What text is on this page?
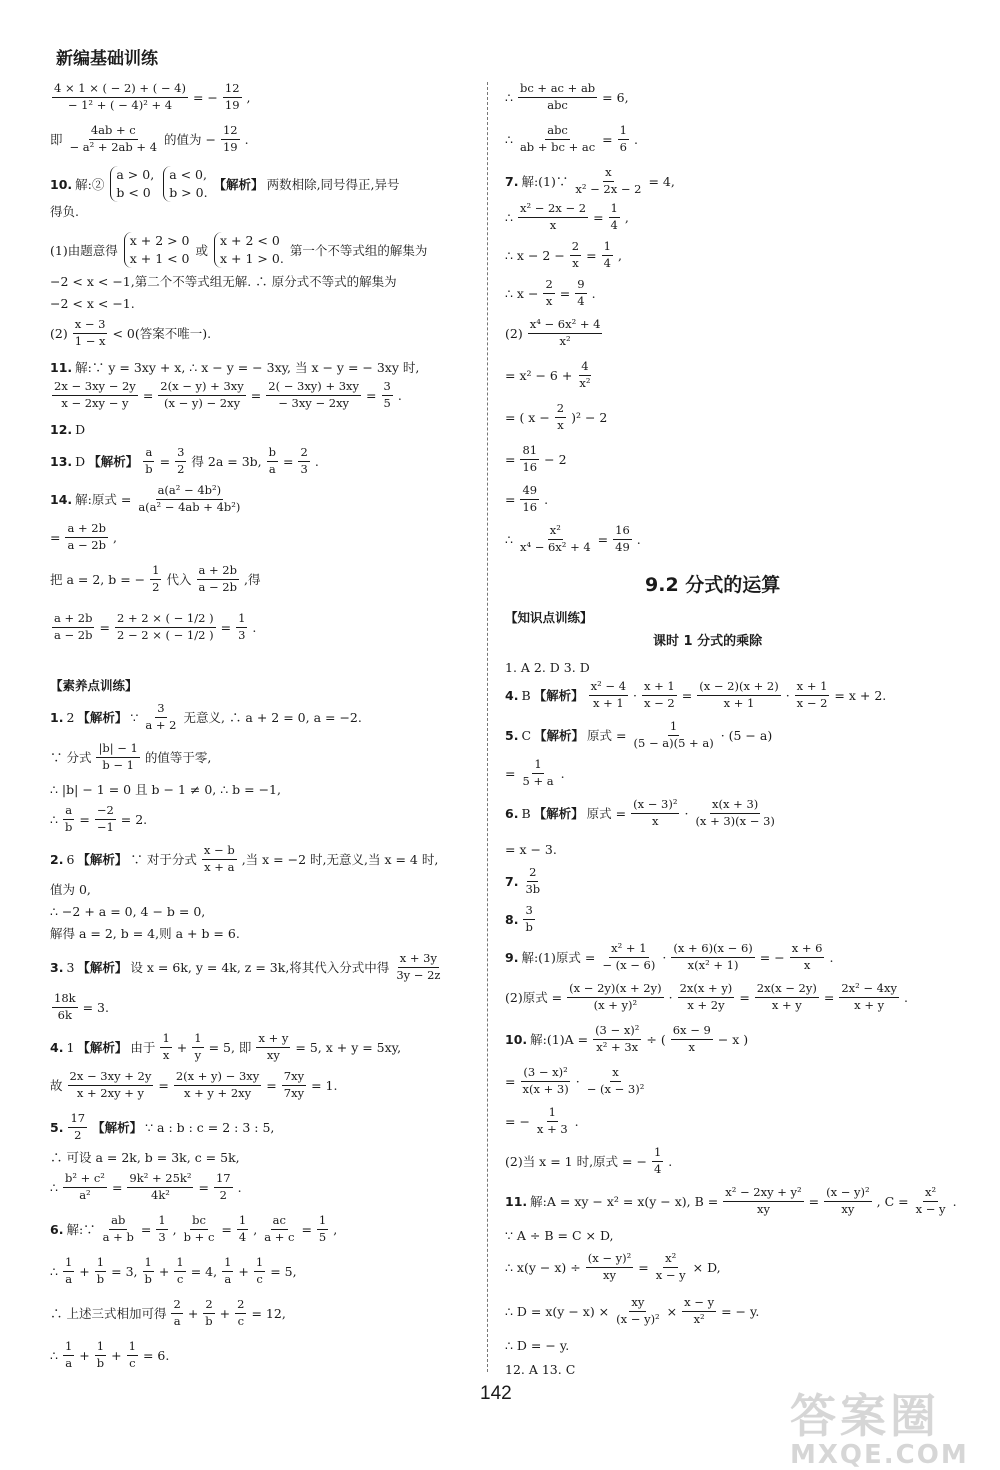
新编基础训练
$\frac{4 \times 1 \times ( - 2) + ( - 4)}{\text{− 1² + ( − 4)² + 4}}$ = − $\frac{12}{19}$ ,
即 $\frac{4ab + c}{\text{− a² + 2ab + 4}}$ 的值为 − $\frac{12}{19}$ .
10. 解:②
a > 0,
b < 0
a < 0,
b > 0.
【解析】 两数相除,同号得正,异号
得负.
(1)由题意得
x + 2 > 0
x + 1 < 0
或
x + 2 < 0
x + 1 > 0.
第一个不等式组的解集为
−2 < x < −1,第二个不等式组无解. ∴ 原分式不等式的解集为
−2 < x < −1.
$(2) \frac{x - 3}{1 - x} < 0$(答案不唯一).
11. 解:∵ y = 3xy + x, ∴ x − y = − 3xy, 当 x − y = − 3xy 时,
$\frac{2x - 3xy - 2y}{x - 2xy - y} = \frac{2(x - y) + 3xy}{(x - y) - 2xy} = \frac{2( - 3xy) + 3xy}{- 3xy - 2xy} = \frac{3}{5}$ .
12. D
13. D 【解析】 $\frac{a}{b} = \frac{3}{2}$ 得 2a = 3b, $\frac{b}{a} = \frac{2}{3}$ .
14. 解:原式 = $\frac{\text{a(a² − 4b²)}}{\text{a(a² − 4ab + 4b²)}}$
= $\frac{a + 2b}{a - 2b}$ ,
把 a = 2, b = − $\frac{1}{2}$ 代入 $\frac{a + 2b}{a - 2b}$ ,得
$\frac{a + 2b}{a - 2b} = \frac{2 + 2 \times ( - 1/2 )}{2 - 2 \times ( - 1/2 )} = \frac{1}{3}$ .
【素养点训练】
1. 2 【解析】 ∵ $\frac{3}{a + 2}$ 无意义, ∴ a + 2 = 0, a = −2.
∵ 分式 $\frac{|b| - 1}{b - 1}$ 的值等于零,
∴ |b| − 1 = 0 且 b − 1 ≠ 0, ∴ b = −1,
∴ $\frac{a}{b} = \frac{-2}{-1} = 2$.
2. 6 【解析】 ∵ 对于分式 $\frac{x - b}{x + a}$ ,当 x = −2 时,无意义,当 x = 4 时,
值为 0,
∴ −2 + a = 0, 4 − b = 0,
解得 a = 2, b = 4,则 a + b = 6.
3. 3 【解析】 设 x = 6k, y = 4k, z = 3k,将其代入分式中得 $\frac{x + 3y}{3y - 2z}$
$\frac{18k}{6k} = 3$.
4. 1 【解析】 由于 $\frac{1}{x} + \frac{1}{y} = 5$, 即 $\frac{x + y}{xy} = 5$, x + y = 5xy,
故 $\frac{2x - 3xy + 2y}{x + 2xy + y} = \frac{2(x + y) - 3xy}{x + y + 2xy} = \frac{7xy}{7xy} = 1$.
5. $\frac{17}{2}$ 【解析】 ∵ a : b : c = 2 : 3 : 5,
∴ 可设 a = 2k, b = 3k, c = 5k,
∴ $\frac{\text{b² + c²}}{\text{a²}} = \frac{\text{9k² + 25k²}}{\text{4k²}} = \frac{17}{2}$ .
6. 解:∵ $\frac{ab}{a + b} = \frac{1}{3}$ , $\frac{bc}{b + c} = \frac{1}{4}$ , $\frac{ac}{a + c} = \frac{1}{5}$ ,
∴ $\frac{1}{a} + \frac{1}{b} = 3$, $\frac{1}{b} + \frac{1}{c} = 4$, $\frac{1}{a} + \frac{1}{c} = 5$,
∴ 上述三式相加可得 $\frac{2}{a} + \frac{2}{b} + \frac{2}{c} = 12$,
∴ $\frac{1}{a} + \frac{1}{b} + \frac{1}{c} = 6$.
∴ $\frac{bc + ac + ab}{\text{abc}} = 6$,
∴ $\frac{\text{abc}}{ab + bc + ac} = \frac{1}{6}$ .
7. 解:(1)∵ $\frac{x}{\text{x² − 2x − 2}} = 4$,
∴ $\frac{\text{x² − 2x − 2}}{x} = \frac{1}{4}$ ,
∴ $x - 2 - \frac{2}{x} = \frac{1}{4}$ ,
∴ $x - \frac{2}{x} = \frac{9}{4}$ .
$(2) \frac{\text{x⁴ − 6x² + 4}}{\text{x²}}$
= $x^2 - 6 + \frac{4}{\text{x²}}$
= ( $x - \frac{2}{x} )^2 - 2$
= $\frac{81}{16} - 2$
= $\frac{49}{16}$ .
∴ $\frac{\text{x²}}{\text{x⁴ − 6x² + 4}} = \frac{16}{49}$ .
9.2 分式的运算
【知识点训练】
课时 1 分式的乘除
1. A 2. D 3. D
4. B 【解析】 $\frac{\text{x² − 4}}{x + 1} \cdot \frac{x + 1}{x - 2} = \frac{(x - 2)(x + 2)}{x + 1} \cdot \frac{x + 1}{x - 2} = x + 2$.
5. C 【解析】 原式 = $\frac{1}{(5 - a)(5 + a)} \cdot (5 - a)$
= $\frac{1}{5 + a}$ .
6. B 【解析】 原式 = $\frac{\text{(x − 3)²}}{x} \cdot \frac{x(x + 3)}{(x + 3)(x - 3)}$
= x − 3.
7. $\frac{2}{3b}$
8. $\frac{3}{b}$
9. 解:(1)原式 = $\frac{\text{x² + 1}}{- (x - 6)} \cdot \frac{(x + 6)(x - 6)}{\text{x(x² + 1)}}$ = − $\frac{x + 6}{x}$ .
(2)原式 = $\frac{(x - 2y)(x + 2y)}{\text{(x + y)²}} \cdot \frac{2x(x + y)}{x + 2y} = \frac{2x(x - 2y)}{x + y} = \frac{\text{2x² − 4xy}}{x + y}$ .
10. 解:(1)A = $\frac{\text{(3 − x)²}}{\text{x² + 3x}}$ ÷ ( $\frac{6x - 9}{x} - x$ )
= $\frac{\text{(3 − x)²}}{x(x + 3)} \cdot \frac{x}{\text{− (x − 3)²}}$
= − $\frac{1}{x + 3}$ .
(2)当 x = 1 时,原式 = − $\frac{1}{4}$ .
11. 解:A = xy − x² = x(y − x), $B = \frac{\text{x² − 2xy + y²}}{xy} = \frac{\text{(x − y)²}}{xy}$ , $C = \frac{\text{x²}}{x - y}$ .
∵ A ÷ B = C × D,
∴ $x(y - x) \div \frac{\text{(x − y)²}}{xy} = \frac{\text{x²}}{x - y} \times D$,
∴ $D = x(y - x) \times \frac{xy}{\text{(x − y)²}} \times \frac{x - y}{\text{x²}}$ = − y.
∴ D = − y.
12. A 13. C
142	答案圈
MXQE.COM
